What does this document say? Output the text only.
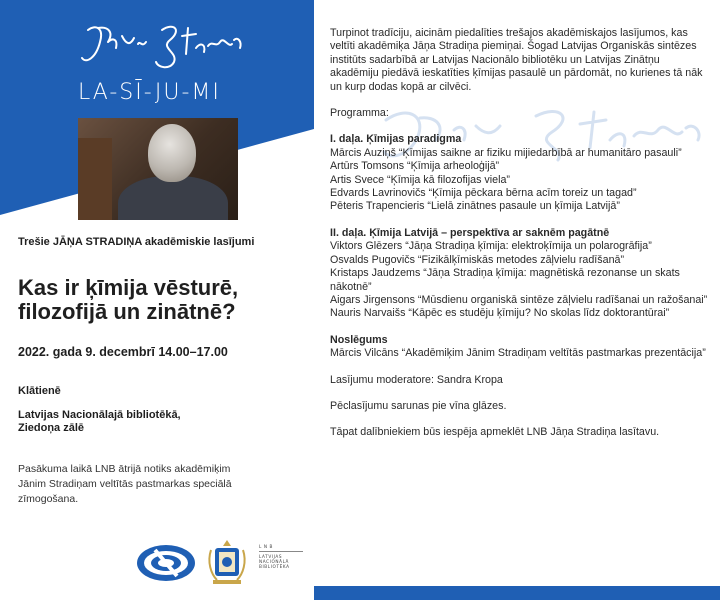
LA-SĪ-JU-MI
Trešie JĀŅA STRADIŅA akadēmiskie lasījumi
Kas ir ķīmija vēsturē,
filozofijā un zinātnē?
2022. gada 9. decembrī 14.00–17.00
Klātienē
Latvijas Nacionālajā bibliotēkā,
Ziedoņa zālē
Pasākuma laikā LNB ātrijā notiks akadēmiķim Jānim Stradiņam veltītās pastmarkas speciālā zīmogošana.
L N B
LATVIJAS
NACIONĀLĀ
BIBLIOTĒKA

Turpinot tradīciju, aicinām piedalīties trešajos akadēmiskajos lasījumos, kas veltīti akadēmiķa Jāņa Stradiņa piemiņai. Šogad Latvijas Organiskās sintēzes institūts sadarbībā ar Latvijas Nacionālo bibliotēku un Latvijas Zinātņu akadēmiju piedāvā ieskatīties ķīmijas pasaulē un pārdomāt, no kurienes tā nāk un kurp dodas kopā ar cilvēci.

Programma:

I. daļa. Ķīmijas paradigma

Mārcis Auziņš “Ķīmijas saikne ar fiziku mijiedarbībā ar humanitāro pasauli”

Artūrs Tomsons “Ķīmija arheoloģijā”

Artis Svece “Ķīmija kā filozofijas viela”

Edvards Lavrinovičs “Ķīmija pēckara bērna acīm toreiz un tagad”

Pēteris Trapencieris “Lielā zinātnes pasaule un ķīmija Latvijā”

II. daļa. Ķīmija Latvijā – perspektīva ar saknēm pagātnē

Viktors Glēzers “Jāņa Stradiņa ķīmija: elektroķīmija un polarogrāfija”

Osvalds Pugovičs “Fizikālķīmiskās metodes zāļvielu radīšanā”

Kristaps Jaudzems “Jāņa Stradiņa ķīmija: magnētiskā rezonanse un skats nākotnē”

Aigars Jirgensons “Mūsdienu organiskā sintēze zāļvielu radīšanai un ražošanai”

Nauris Narvaišs “Kāpēc es studēju ķīmiju? No skolas līdz doktorantūrai”

Noslēgums

Mārcis Vilcāns “Akadēmiķim Jānim Stradiņam veltītās pastmarkas prezentācija”

Lasījumu moderatore: Sandra Kropa

Pēclasījumu sarunas pie vīna glāzes.

Tāpat dalībniekiem būs iespēja apmeklēt LNB Jāņa Stradiņa lasītavu.
